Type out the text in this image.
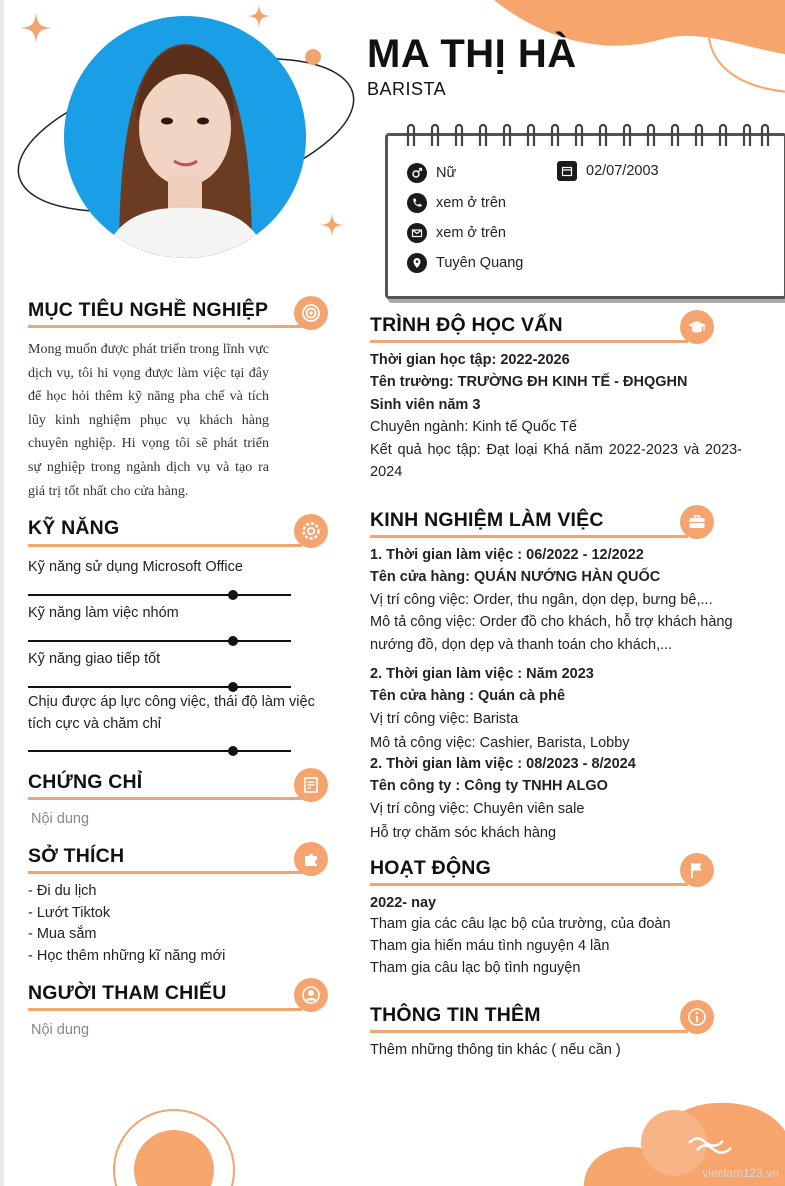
MA THỊ HÀ
BARISTA
Nữ	02/07/2003
xem ở trên
xem ở trên
Tuyên Quang
MỤC TIÊU NGHỀ NGHIỆP
Mong muốn được phát triển trong lĩnh vực dịch vụ, tôi hi vọng được làm việc tại đây để học hỏi thêm kỹ năng pha chế và tích lũy kinh nghiệm phục vụ khách hàng chuyên nghiệp. Hi vọng tôi sẽ phát triển sự nghiệp trong ngành dịch vụ và tạo ra giá trị tốt nhất cho cửa hàng.
KỸ NĂNG
Kỹ năng sử dụng Microsoft Office
Kỹ năng làm việc nhóm
Kỹ năng giao tiếp tốt
Chịu được áp lực công việc, thái độ làm việc tích cực và chăm chỉ
CHỨNG CHỈ
Nội dung
SỞ THÍCH
- Đi du lịch
- Lướt Tiktok
- Mua sắm
- Học thêm những kĩ năng mới
NGƯỜI THAM CHIẾU
Nội dung
TRÌNH ĐỘ HỌC VẤN
Thời gian học tập: 2022-2026
Tên trường: TRƯỜNG ĐH KINH TẾ - ĐHQGHN
Sinh viên năm 3
Chuyên ngành: Kinh tế Quốc Tế
Kết quả học tập: Đạt loại Khá năm 2022-2023 và 2023-2024
KINH NGHIỆM LÀM VIỆC
1. Thời gian làm việc : 06/2022 - 12/2022
Tên cửa hàng: QUÁN NƯỚNG HÀN QUỐC
Vị trí công việc: Order, thu ngân, dọn dẹp, bưng bê,...
Mô tả công việc: Order đồ cho khách, hỗ trợ khách hàng nướng đồ, dọn dẹp và thanh toán cho khách,...
2. Thời gian làm việc : Năm 2023
Tên cửa hàng : Quán cà phê
Vị trí công việc: Barista
Mô tả công việc: Cashier, Barista, Lobby
2. Thời gian làm việc : 08/2023 - 8/2024
Tên công ty : Công ty TNHH ALGO
Vị trí công việc: Chuyên viên sale
Hỗ trợ chăm sóc khách hàng
HOẠT ĐỘNG
2022- nay
Tham gia các câu lạc bộ của trường, của đoàn
Tham gia hiến máu tình nguyện 4 lần
Tham gia câu lạc bộ tình nguyện
THÔNG TIN THÊM
Thêm những thông tin khác ( nếu cần )
vieclam123.vn
